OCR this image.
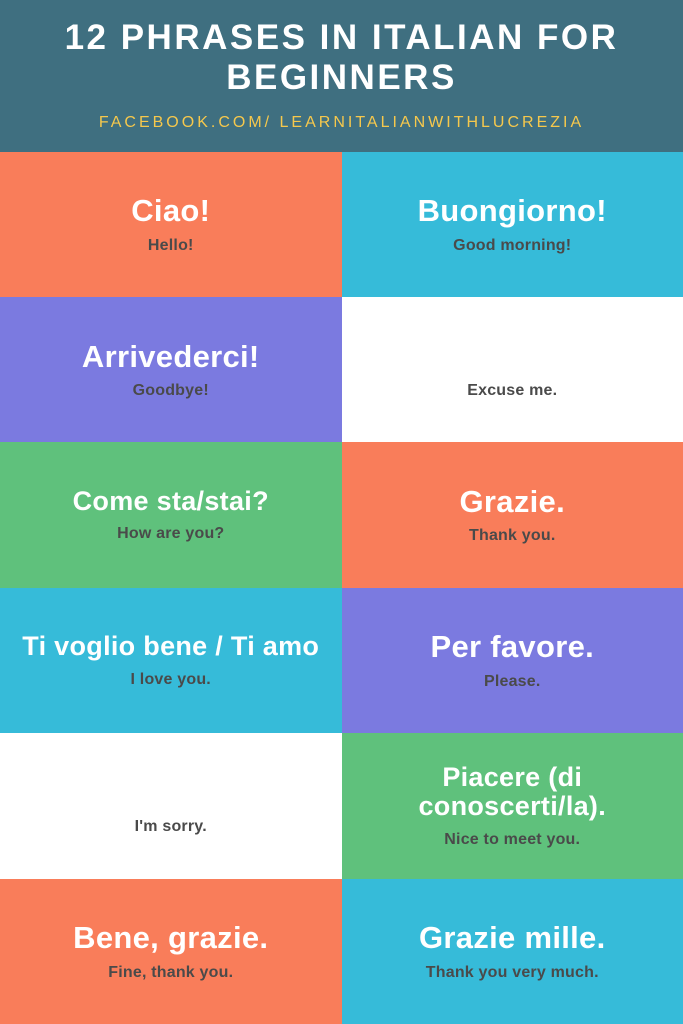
12 PHRASES IN ITALIAN FOR BEGINNERS
FACEBOOK.COM/ LEARNITALIANWITHLUCREZIA
Ciao!
Hello!
Buongiorno!
Good morning!
Arrivederci!
Goodbye!
Mi scusi.
Excuse me.
Come sta/stai?
How are you?
Grazie.
Thank you.
Ti voglio bene / Ti amo
I love you.
Per favore.
Please.
Mi dispiace.
I'm sorry.
Piacere (di conoscerti/la).
Nice to meet you.
Bene, grazie.
Fine, thank you.
Grazie mille.
Thank you very much.
